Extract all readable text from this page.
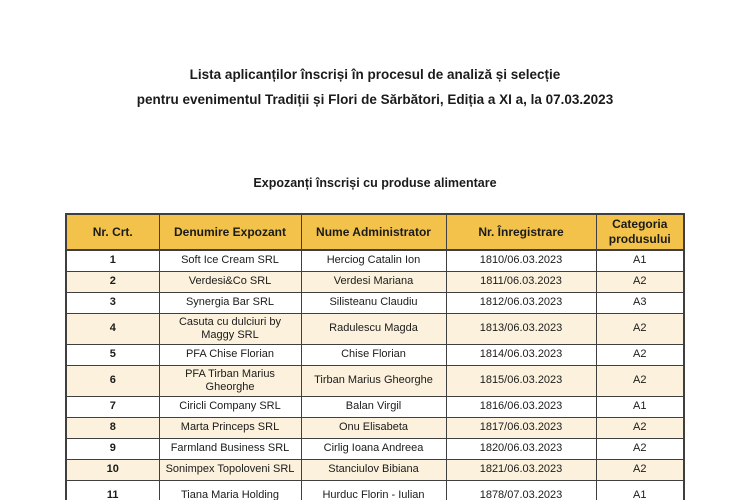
Lista aplicanților înscriși în procesul de analiză și selecție
pentru evenimentul Tradiții și Flori de Sărbători, Ediția a XI a, la 07.03.2023
Expozanți înscriși cu produse alimentare
Nr. Crt.	Denumire Expozant	Nume Administrator	Nr. Înregistrare	Categoria produsului
1	Soft Ice Cream SRL	Herciog Catalin Ion	1810/06.03.2023	A1
2	Verdesi&Co SRL	Verdesi Mariana	1811/06.03.2023	A2
3	Synergia Bar SRL	Silisteanu Claudiu	1812/06.03.2023	A3
4	Casuta cu dulciuri by Maggy SRL	Radulescu Magda	1813/06.03.2023	A2
5	PFA Chise Florian	Chise Florian	1814/06.03.2023	A2
6	PFA Tirban Marius Gheorghe	Tirban Marius Gheorghe	1815/06.03.2023	A2
7	Ciricli Company SRL	Balan Virgil	1816/06.03.2023	A1
8	Marta Princeps SRL	Onu Elisabeta	1817/06.03.2023	A2
9	Farmland Business SRL	Cirlig Ioana Andreea	1820/06.03.2023	A2
10	Sonimpex Topoloveni SRL	Stanciulov Bibiana	1821/06.03.2023	A2
11	Tiana Maria Holding	Hurduc Florin - Iulian	1878/07.03.2023	A1
